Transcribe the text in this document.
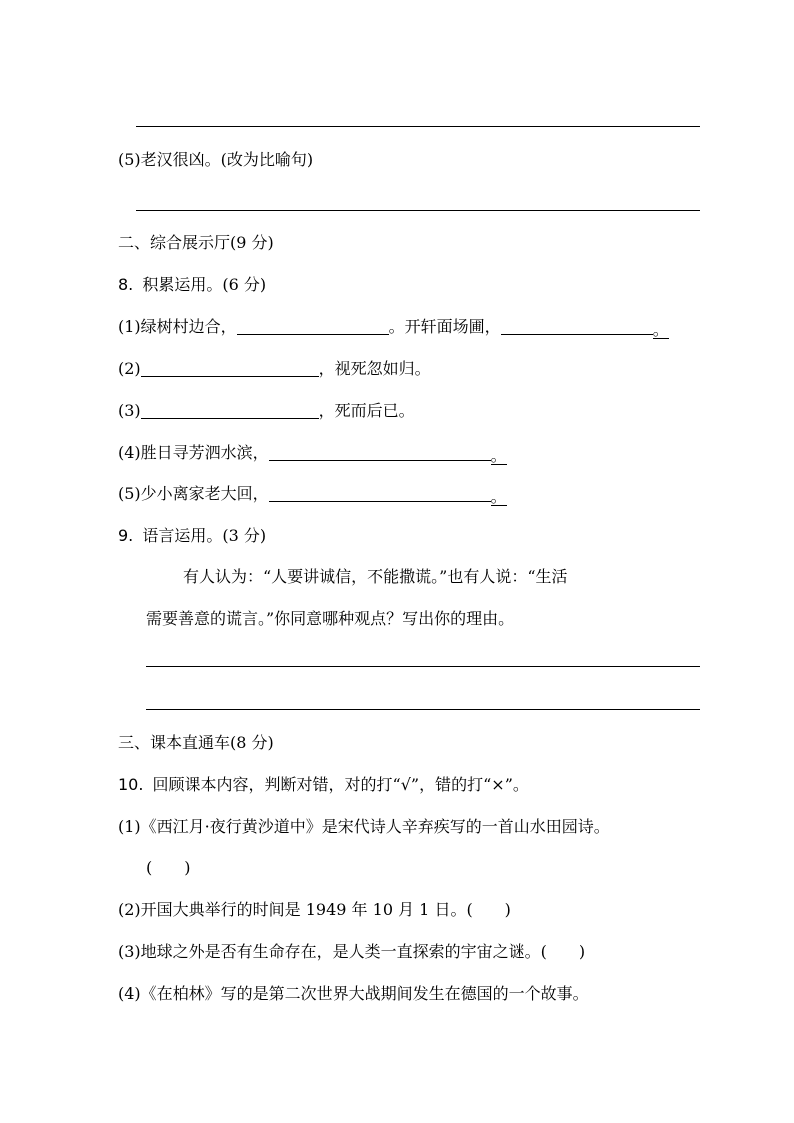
(5)老汉很凶。(改为比喻句)
二、综合展示厅(9 分)
8. 积累运用。(6 分)
(1)绿树村边合，	。开轩面场圃，	。
(2)	，视死忽如归。
(3)	，死而后已。
(4)胜日寻芳泗水滨，	。
(5)少小离家老大回，	。
9. 语言运用。(3 分)
有人认为：“人要讲诚信，不能撒谎。”也有人说：“生活
需要善意的谎言。”你同意哪种观点？写出你的理由。
三、课本直通车(8 分)
10. 回顾课本内容，判断对错，对的打“√”，错的打“×”。
(1)《西江月·夜行黄沙道中》是宋代诗人辛弃疾写的一首山水田园诗。
(　　)
(2)开国大典举行的时间是 1949 年 10 月 1 日。(　　)
(3)地球之外是否有生命存在，是人类一直探索的宇宙之谜。(　　)
(4)《在柏林》写的是第二次世界大战期间发生在德国的一个故事。
